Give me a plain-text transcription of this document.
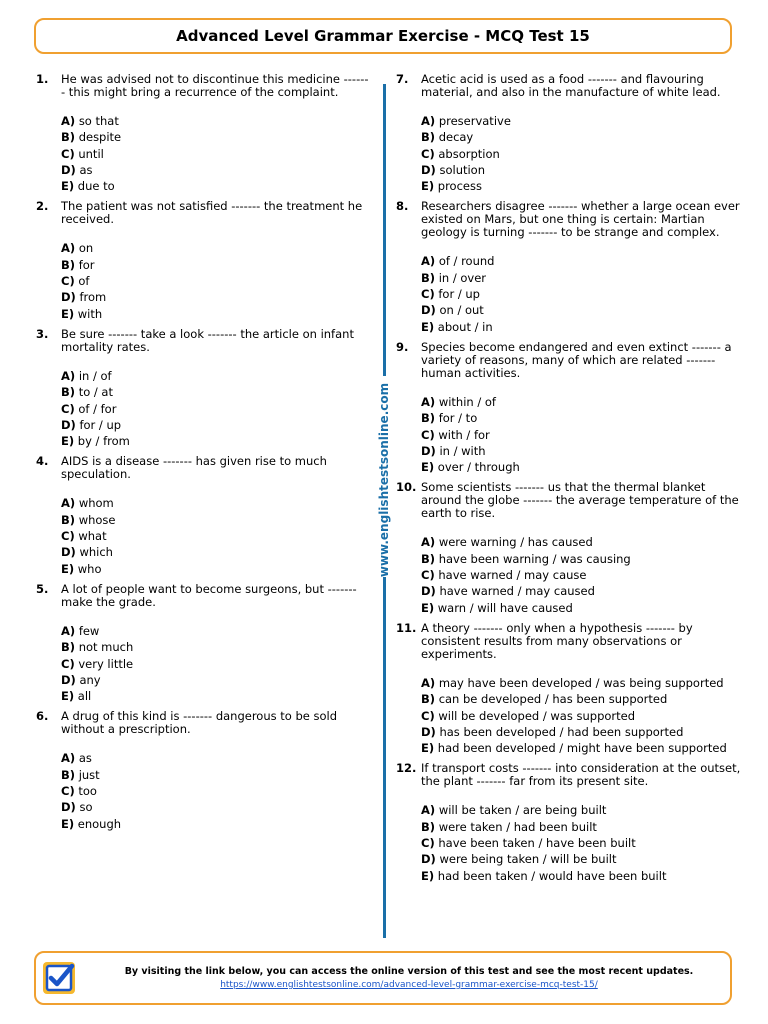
Advanced Level Grammar Exercise - MCQ Test 15
1.	He was advised not to discontinue this medicine ------- this might bring a recurrence of the complaint.
A) so that
B) despite
C) until
D) as
E) due to
2.	The patient was not satisfied ------- the treatment he received.
A) on
B) for
C) of
D) from
E) with
3.	Be sure ------- take a look ------- the article on infant mortality rates.
A) in / of
B) to / at
C) of / for
D) for / up
E) by / from
4.	AIDS is a disease ------- has given rise to much speculation.
A) whom
B) whose
C) what
D) which
E) who
5.	A lot of people want to become surgeons, but ------- make the grade.
A) few
B) not much
C) very little
D) any
E) all
6.	A drug of this kind is ------- dangerous to be sold without a prescription.
A) as
B) just
C) too
D) so
E) enough
7.	Acetic acid is used as a food ------- and flavouring material, and also in the manufacture of white lead.
A) preservative
B) decay
C) absorption
D) solution
E) process
8.	Researchers disagree ------- whether a large ocean ever existed on Mars, but one thing is certain: Martian geology is turning ------- to be strange and complex.
A) of / round
B) in / over
C) for / up
D) on / out
E) about / in
9.	Species become endangered and even extinct ------- a variety of reasons, many of which are related ------- human activities.
A) within / of
B) for / to
C) with / for
D) in / with
E) over / through
10. Some scientists ------- us that the thermal blanket around the globe ------- the average temperature of the earth to rise.
A) were warning / has caused
B) have been warning / was causing
C) have warned / may cause
D) have warned / may caused
E) warn / will have caused
11. A theory ------- only when a hypothesis ------- by consistent results from many observations or experiments.
A) may have been developed / was being supported
B) can be developed / has been supported
C) will be developed / was supported
D) has been developed / had been supported
E) had been developed / might have been supported
12. If transport costs ------- into consideration at the outset, the plant ------- far from its present site.
A) will be taken / are being built
B) were taken / had been built
C) have been taken / have been built
D) were being taken / will be built
E) had been taken / would have been built
www.englishtestsonline.com
By visiting the link below, you can access the online version of this test and see the most recent updates.
https://www.englishtestsonline.com/advanced-level-grammar-exercise-mcq-test-15/
